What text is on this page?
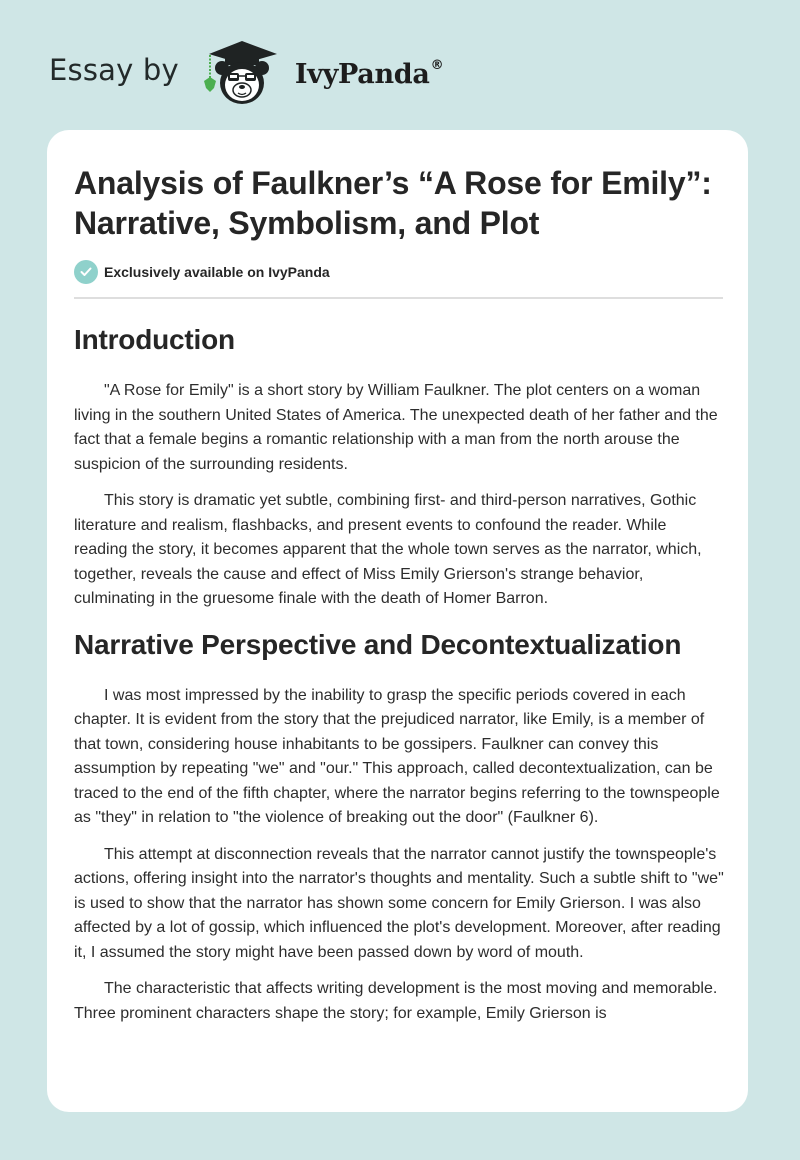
Essay by	IvyPanda®
Analysis of Faulkner’s “A Rose for Emily”: Narrative, Symbolism, and Plot
Exclusively available on IvyPanda
Introduction

"A Rose for Emily" is a short story by William Faulkner. The plot centers on a woman living in the southern United States of America. The unexpected death of her father and the fact that a female begins a romantic relationship with a man from the north arouse the suspicion of the surrounding residents.

This story is dramatic yet subtle, combining first- and third-person narratives, Gothic literature and realism, flashbacks, and present events to confound the reader. While reading the story, it becomes apparent that the whole town serves as the narrator, which, together, reveals the cause and effect of Miss Emily Grierson's strange behavior, culminating in the gruesome finale with the death of Homer Barron.

Narrative Perspective and Decontextualization

I was most impressed by the inability to grasp the specific periods covered in each chapter. It is evident from the story that the prejudiced narrator, like Emily, is a member of that town, considering house inhabitants to be gossipers. Faulkner can convey this assumption by repeating "we" and "our." This approach, called decontextualization, can be traced to the end of the fifth chapter, where the narrator begins referring to the townspeople as "they" in relation to "the violence of breaking out the door" (Faulkner 6).

This attempt at disconnection reveals that the narrator cannot justify the townspeople's actions, offering insight into the narrator's thoughts and mentality. Such a subtle shift to "we" is used to show that the narrator has shown some concern for Emily Grierson. I was also affected by a lot of gossip, which influenced the plot's development. Moreover, after reading it, I assumed the story might have been passed down by word of mouth.

The characteristic that affects writing development is the most moving and memorable. Three prominent characters shape the story; for example, Emily Grierson is
